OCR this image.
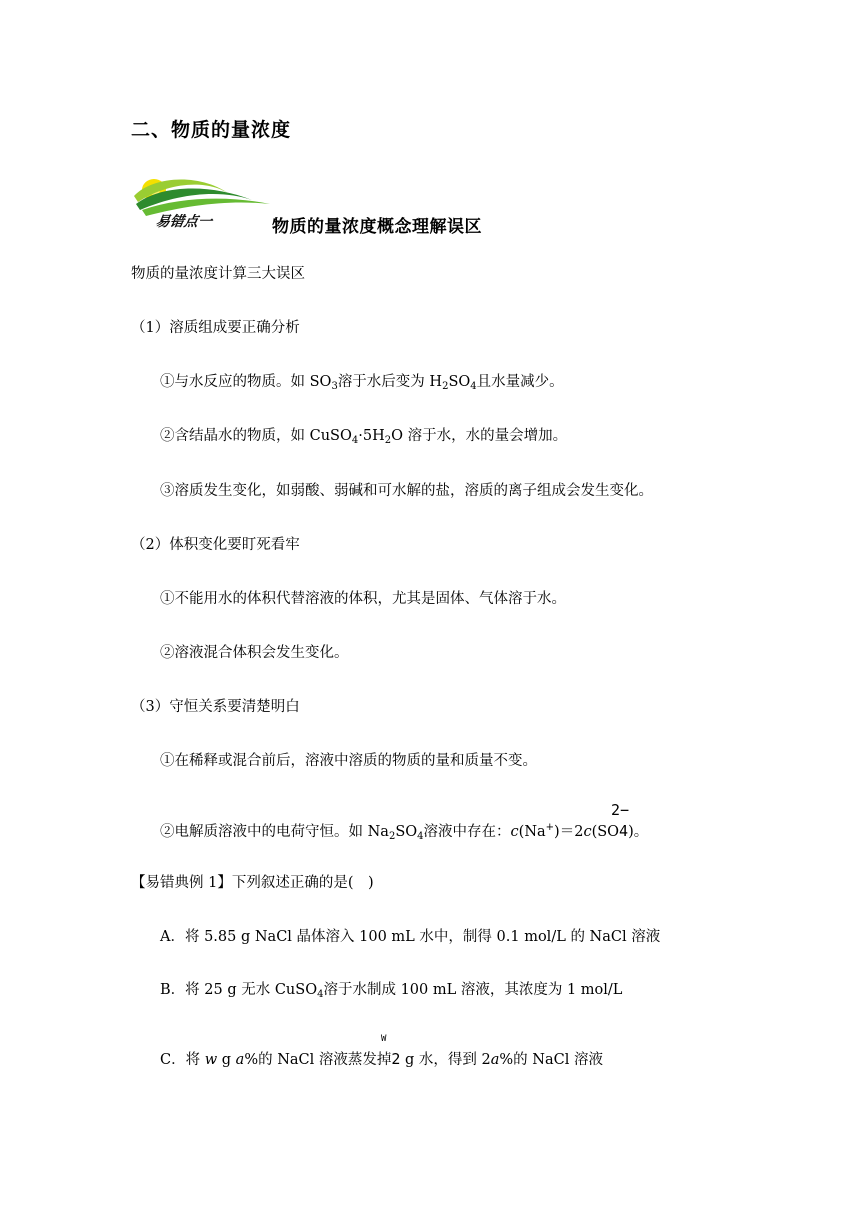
二、物质的量浓度
易错点一	物质的量浓度概念理解误区
物质的量浓度计算三大误区
（1）溶质组成要正确分析
①与水反应的物质。如 $SO_3$溶于水后变为 $H_2SO_4$且水量减少。
②含结晶水的物质，如 $CuSO_4\cdot 5H_2O$ 溶于水，水的量会增加。
③溶质发生变化，如弱酸、弱碱和可水解的盐，溶质的离子组成会发生变化。
（2）体积变化要盯死看牢
①不能用水的体积代替溶液的体积，尤其是固体、气体溶于水。
②溶液混合体积会发生变化。
（3）守恒关系要清楚明白
①在稀释或混合前后，溶液中溶质的物质的量和质量不变。
2−
②电解质溶液中的电荷守恒。如 $Na_2SO_4$溶液中存在：c(Na+)＝2c(SO4)。
【易错典例 1】下列叙述正确的是(　)
A．将 5.85 g NaCl 晶体溶入 100 mL 水中，制得 0.1 mol/L 的 NaCl 溶液
B．将 25 g 无水 CuSO$_4$溶于水制成 100 mL 溶液，其浓度为 1 mol/L
W
C．将 w g a%的 NaCl 溶液蒸发掉2 g 水，得到 2a%的 NaCl 溶液
